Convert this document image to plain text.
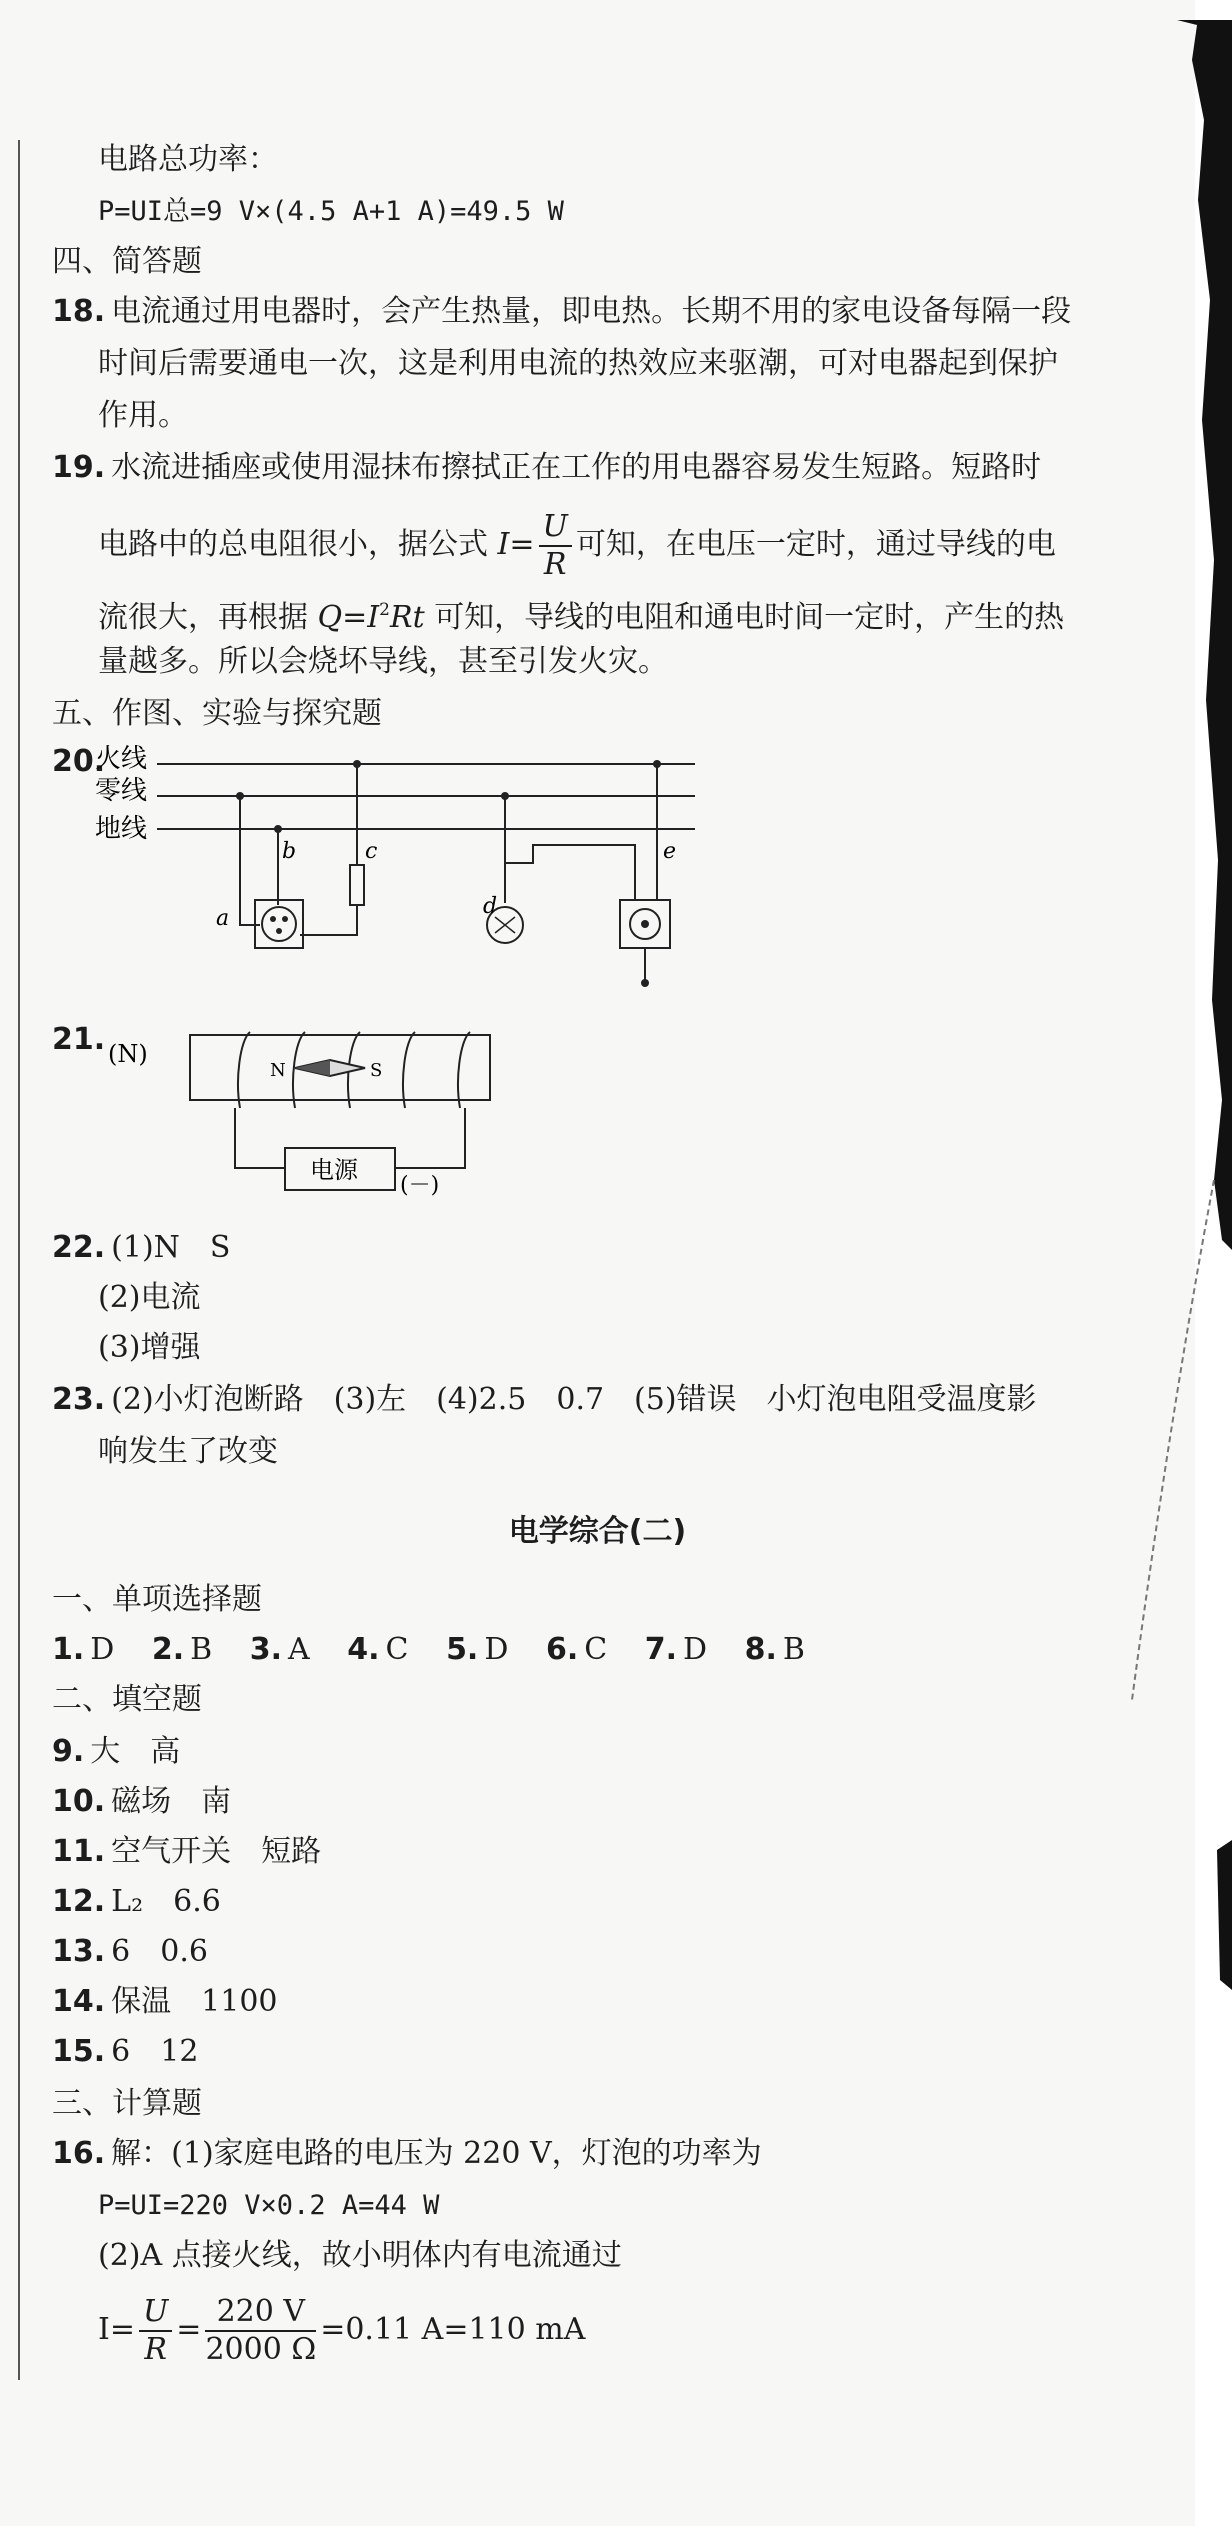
电路总功率：
P=UI总=9 V×(4.5 A+1 A)=49.5 W
四、简答题
18. 电流通过用电器时，会产生热量，即电热。长期不用的家电设备每隔一段
时间后需要通电一次，这是利用电流的热效应来驱潮，可对电器起到保护
作用。
19. 水流进插座或使用湿抹布擦拭正在工作的用电器容易发生短路。短路时
电路中的总电阻很小，据公式 $I= \frac{U}{R}$ 可知，在电压一定时，通过导线的电
流很大，再根据 $Q=I^2Rt$ 可知，导线的电阻和通电时间一定时，产生的热
量越多。所以会烧坏导线，甚至引发火灾。
五、作图、实验与探究题
20.
火线
零线
地线
a
b	c
d
e
21. (N)
N	S
电源
(－)
22. (1)N　S
(2)电流
(3)增强
23. (2)小灯泡断路　(3)左　(4)2.5　0.7　(5)错误　小灯泡电阻受温度影
响发生了改变
电学综合(二)
一、单项选择题
1. D 2. B 3. A 4. C 5. D 6. C 7. D 8. B
二、填空题
9. 大　高
10. 磁场　南
11. 空气开关　短路
12. L₂　6.6
13. 6　0.6
14. 保温　1100
15. 6　12
三、计算题
16. 解：(1)家庭电路的电压为 220 V，灯泡的功率为
P=UI=220 V×0.2 A=44 W
(2)A 点接火线，故小明体内有电流通过
$I= \frac{U}{R} = \frac{220 V}{2000 \Omega} =0.11$ A=110 mA
